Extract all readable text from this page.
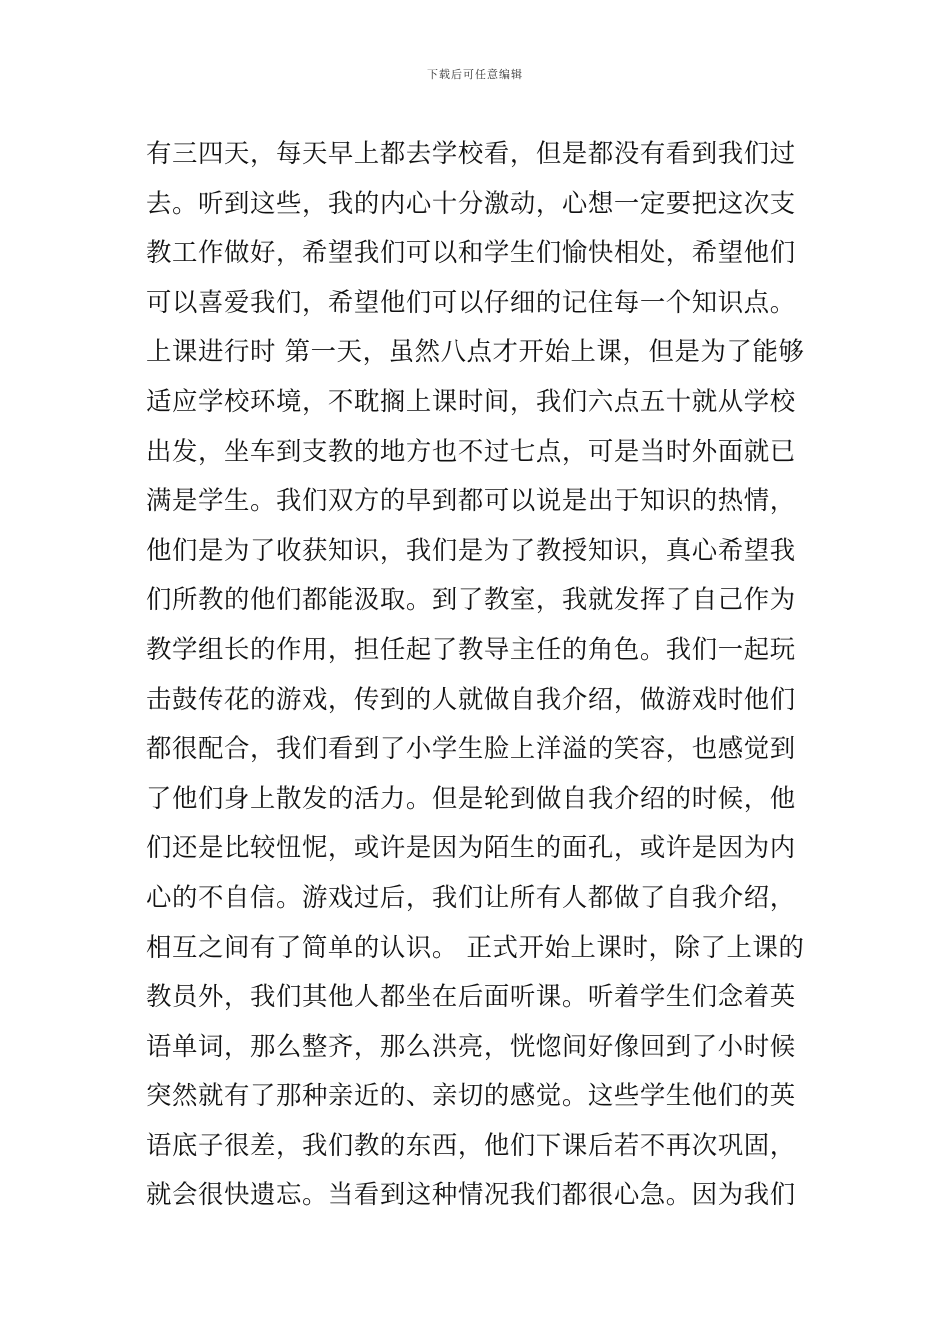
下载后可任意编辑
有三四天，每天早上都去学校看，但是都没有看到我们过
去。听到这些，我的内心十分激动，心想一定要把这次支
教工作做好，希望我们可以和学生们愉快相处，希望他们
可以喜爱我们，希望他们可以仔细的记住每一个知识点。
上课进行时 第一天，虽然八点才开始上课，但是为了能够
适应学校环境，不耽搁上课时间，我们六点五十就从学校
出发，坐车到支教的地方也不过七点，可是当时外面就已
满是学生。我们双方的早到都可以说是出于知识的热情，
他们是为了收获知识，我们是为了教授知识，真心希望我
们所教的他们都能汲取。到了教室，我就发挥了自己作为
教学组长的作用，担任起了教导主任的角色。我们一起玩
击鼓传花的游戏，传到的人就做自我介绍，做游戏时他们
都很配合，我们看到了小学生脸上洋溢的笑容，也感觉到
了他们身上散发的活力。但是轮到做自我介绍的时候，他
们还是比较忸怩，或许是因为陌生的面孔，或许是因为内
心的不自信。游戏过后，我们让所有人都做了自我介绍，
相互之间有了简单的认识。 正式开始上课时，除了上课的
教员外，我们其他人都坐在后面听课。听着学生们念着英
语单词，那么整齐，那么洪亮，恍惚间好像回到了小时候
突然就有了那种亲近的、亲切的感觉。这些学生他们的英
语底子很差，我们教的东西，他们下课后若不再次巩固，
就会很快遗忘。当看到这种情况我们都很心急。因为我们
